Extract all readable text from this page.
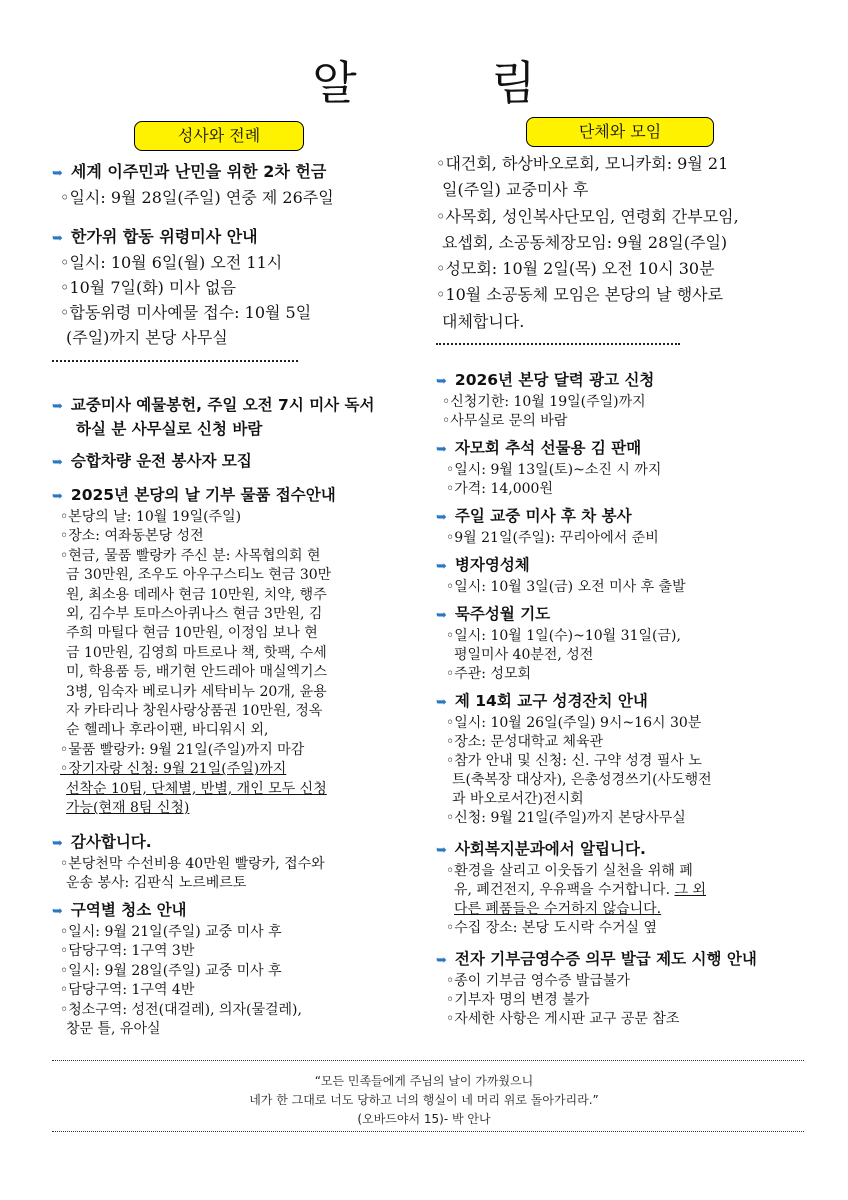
알 림
성사와 전례	단체와 모임
➥ 세계 이주민과 난민을 위한 2차 헌금
◦일시: 9월 28일(주일) 연중 제 26주일
➥ 한가위 합동 위령미사 안내
◦일시: 10월 6일(월) 오전 11시
◦10월 7일(화) 미사 없음
◦합동위령 미사예물 접수: 10월 5일
(주일)까지 본당 사무실
➥ 교중미사 예물봉헌, 주일 오전 7시 미사 독서
하실 분 사무실로 신청 바람
➥ 승합차량 운전 봉사자 모집
➥ 2025년 본당의 날 기부 물품 접수안내
◦본당의 날: 10월 19일(주일)
◦장소: 여좌동본당 성전
◦현금, 물품 빨랑카 주신 분: 사목협의회 현
금 30만원, 조우도 아우구스티노 현금 30만
원, 최소용 데레사 현금 10만원, 치약, 행주
외, 김수부 토마스아퀴나스 현금 3만원, 김
주희 마틸다 현금 10만원, 이정임 보나 현
금 10만원, 김영희 마트로나 책, 핫팩, 수세
미, 학용품 등, 배기현 안드레아 매실엑기스
3병, 임숙자 베로니카 세탁비누 20개, 윤용
자 카타리나 창원사랑상품권 10만원, 정옥
순 헬레나 후라이팬, 바디워시 외,
◦물품 빨랑카: 9월 21일(주일)까지 마감
◦장기자랑 신청: 9월 21일(주일)까지
선착순 10팀, 단체별, 반별, 개인 모두 신청
가능(현재 8팀 신청)
➥ 감사합니다.
◦본당천막 수선비용 40만원 빨랑카, 접수와
운송 봉사: 김판식 노르베르토
➥ 구역별 청소 안내
◦일시: 9월 21일(주일) 교중 미사 후
◦담당구역: 1구역 3반
◦일시: 9월 28일(주일) 교중 미사 후
◦담당구역: 1구역 4반
◦청소구역: 성전(대걸레), 의자(물걸레),
창문 틀, 유아실
◦대건회, 하상바오로회, 모니카회: 9월 21
일(주일) 교중미사 후
◦사목회, 성인복사단모임, 연령회 간부모임,
요셉회, 소공동체장모임: 9월 28일(주일)
◦성모회: 10월 2일(목) 오전 10시 30분
◦10월 소공동체 모임은 본당의 날 행사로
대체합니다.
➥ 2026년 본당 달력 광고 신청
◦신청기한: 10월 19일(주일)까지
◦사무실로 문의 바람
➥ 자모회 추석 선물용 김 판매
◦일시: 9월 13일(토)~소진 시 까지
◦가격: 14,000원
➥ 주일 교중 미사 후 차 봉사
◦9월 21일(주일): 꾸리아에서 준비
➥ 병자영성체
◦일시: 10월 3일(금) 오전 미사 후 출발
➥ 묵주성월 기도
◦일시: 10월 1일(수)~10월 31일(금),
평일미사 40분전, 성전
◦주관: 성모회
➥ 제 14회 교구 성경잔치 안내
◦일시: 10월 26일(주일) 9시~16시 30분
◦장소: 문성대학교 체육관
◦참가 안내 및 신청: 신. 구약 성경 필사 노
트(축복장 대상자), 은총성경쓰기(사도행전
과 바오로서간)전시회
◦신청: 9월 21일(주일)까지 본당사무실
➥ 사회복지분과에서 알립니다.
◦환경을 살리고 이웃돕기 실천을 위해 폐
유, 폐건전지, 우유팩을 수거합니다. 그 외
다른 폐품들은 수거하지 않습니다.
◦수집 장소: 본당 도시락 수거실 옆
➥ 전자 기부금영수증 의무 발급 제도 시행 안내
◦종이 기부금 영수증 발급불가
◦기부자 명의 변경 불가
◦자세한 사항은 게시판 교구 공문 참조
“모든 민족들에게 주님의 날이 가까웠으니
네가 한 그대로 너도 당하고 너의 행실이 네 머리 위로 돌아가리라.”
(오바드야서 15)- 박 안나
